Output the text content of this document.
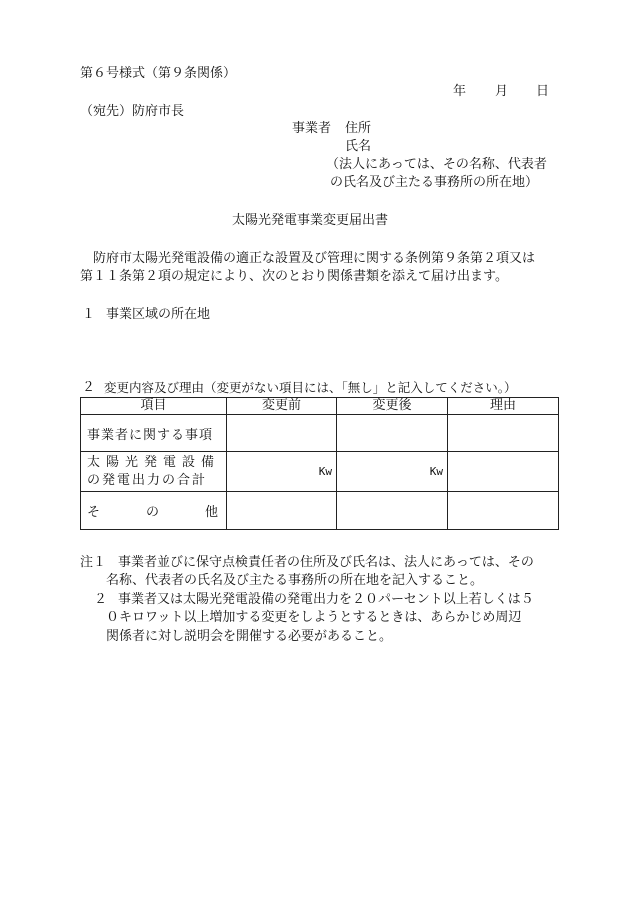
第６号様式（第９条関係）
年 月 日
（宛先）防府市長
事業者 住所
氏名
（法人にあっては、その名称、代表者
の氏名及び主たる事務所の所在地）
太陽光発電事業変更届出書
防府市太陽光発電設備の適正な設置及び管理に関する条例第９条第２項又は
第１１条第２項の規定により、次のとおり関係書類を添えて届け出ます。
１ 事業区域の所在地
２ 変更内容及び理由（変更がない項目には、「無し」と記入してください。）
項目	変更前	変更後	理由
事業者に関する事項			

太陽光発電設備
の発電出力の合計	Kw	Kw	

そ の 他			

注１ 事業者並びに保守点検責任者の住所及び氏名は、法人にあっては、その
名称、代表者の氏名及び主たる事務所の所在地を記入すること。
２ 事業者又は太陽光発電設備の発電出力を２０パーセント以上若しくは５
０キロワット以上増加する変更をしようとするときは、あらかじめ周辺
関係者に対し説明会を開催する必要があること。
